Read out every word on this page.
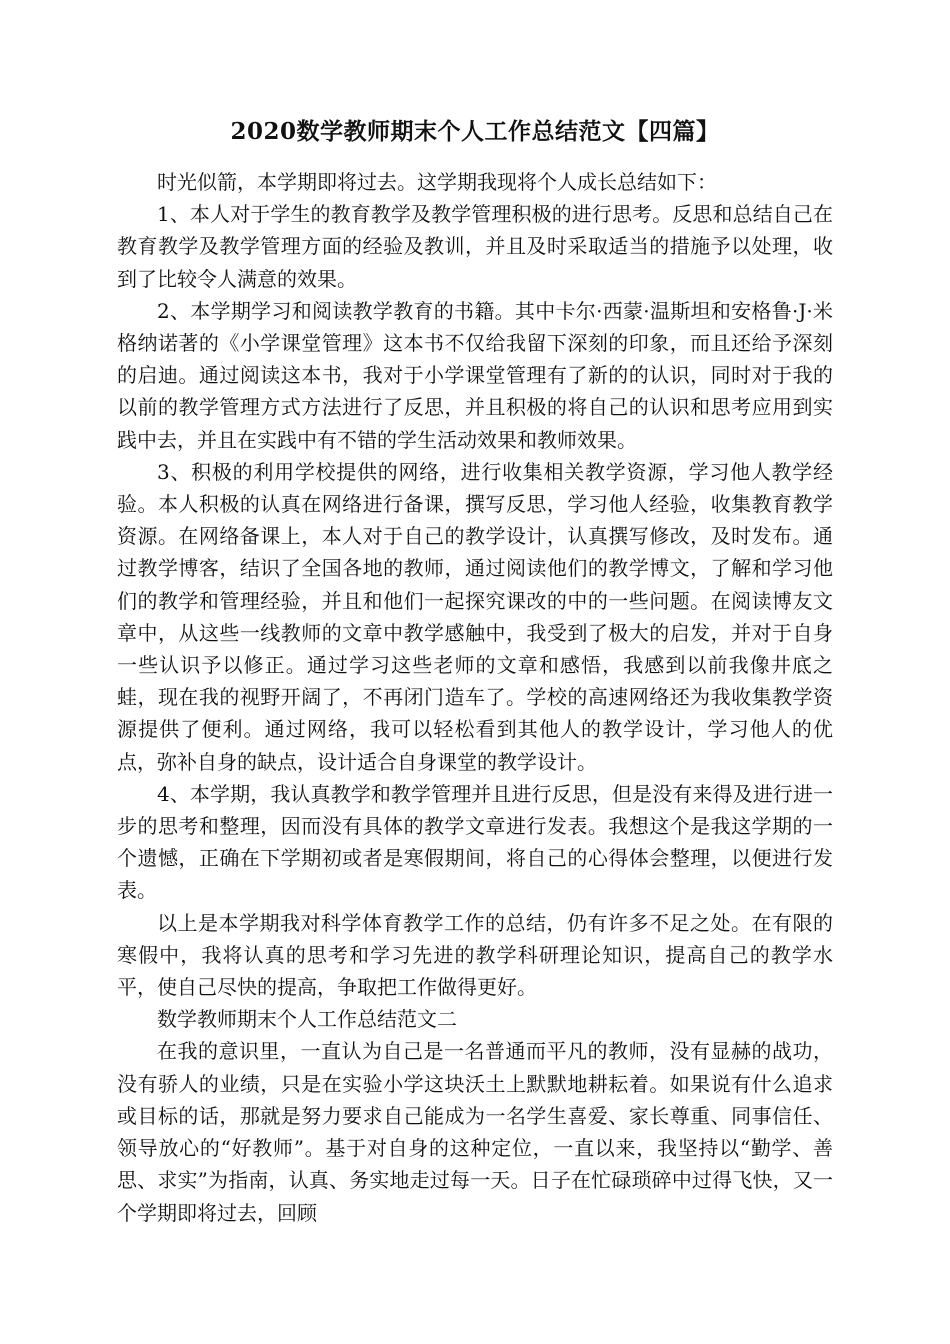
2020数学教师期末个人工作总结范文【四篇】

时光似箭，本学期即将过去。这学期我现将个人成长总结如下：

1、本人对于学生的教育教学及教学管理积极的进行思考。反思和总结自己在教育教学及教学管理方面的经验及教训，并且及时采取适当的措施予以处理，收到了比较令人满意的效果。

2、本学期学习和阅读教学教育的书籍。其中卡尔·西蒙·温斯坦和安格鲁·J·米格纳诺著的《小学课堂管理》这本书不仅给我留下深刻的印象，而且还给予深刻的启迪。通过阅读这本书，我对于小学课堂管理有了新的的认识，同时对于我的以前的教学管理方式方法进行了反思，并且积极的将自己的认识和思考应用到实践中去，并且在实践中有不错的学生活动效果和教师效果。

3、积极的利用学校提供的网络，进行收集相关教学资源，学习他人教学经验。本人积极的认真在网络进行备课，撰写反思，学习他人经验，收集教育教学资源。在网络备课上，本人对于自己的教学设计，认真撰写修改，及时发布。通过教学博客，结识了全国各地的教师，通过阅读他们的教学博文，了解和学习他们的教学和管理经验，并且和他们一起探究课改的中的一些问题。在阅读博友文章中，从这些一线教师的文章中教学感触中，我受到了极大的启发，并对于自身一些认识予以修正。通过学习这些老师的文章和感悟，我感到以前我像井底之蛙，现在我的视野开阔了，不再闭门造车了。学校的高速网络还为我收集教学资源提供了便利。通过网络，我可以轻松看到其他人的教学设计，学习他人的优点，弥补自身的缺点，设计适合自身课堂的教学设计。

4、本学期，我认真教学和教学管理并且进行反思，但是没有来得及进行进一步的思考和整理，因而没有具体的教学文章进行发表。我想这个是我这学期的一个遗憾，正确在下学期初或者是寒假期间，将自己的心得体会整理，以便进行发表。

以上是本学期我对科学体育教学工作的总结，仍有许多不足之处。在有限的寒假中，我将认真的思考和学习先进的教学科研理论知识，提高自己的教学水平，使自己尽快的提高，争取把工作做得更好。

数学教师期末个人工作总结范文二

在我的意识里，一直认为自己是一名普通而平凡的教师，没有显赫的战功，没有骄人的业绩，只是在实验小学这块沃土上默默地耕耘着。如果说有什么追求或目标的话，那就是努力要求自己能成为一名学生喜爱、家长尊重、同事信任、领导放心的“好教师”。基于对自身的这种定位，一直以来，我坚持以“勤学、善思、求实”为指南，认真、务实地走过每一天。日子在忙碌琐碎中过得飞快，又一个学期即将过去，回顾
